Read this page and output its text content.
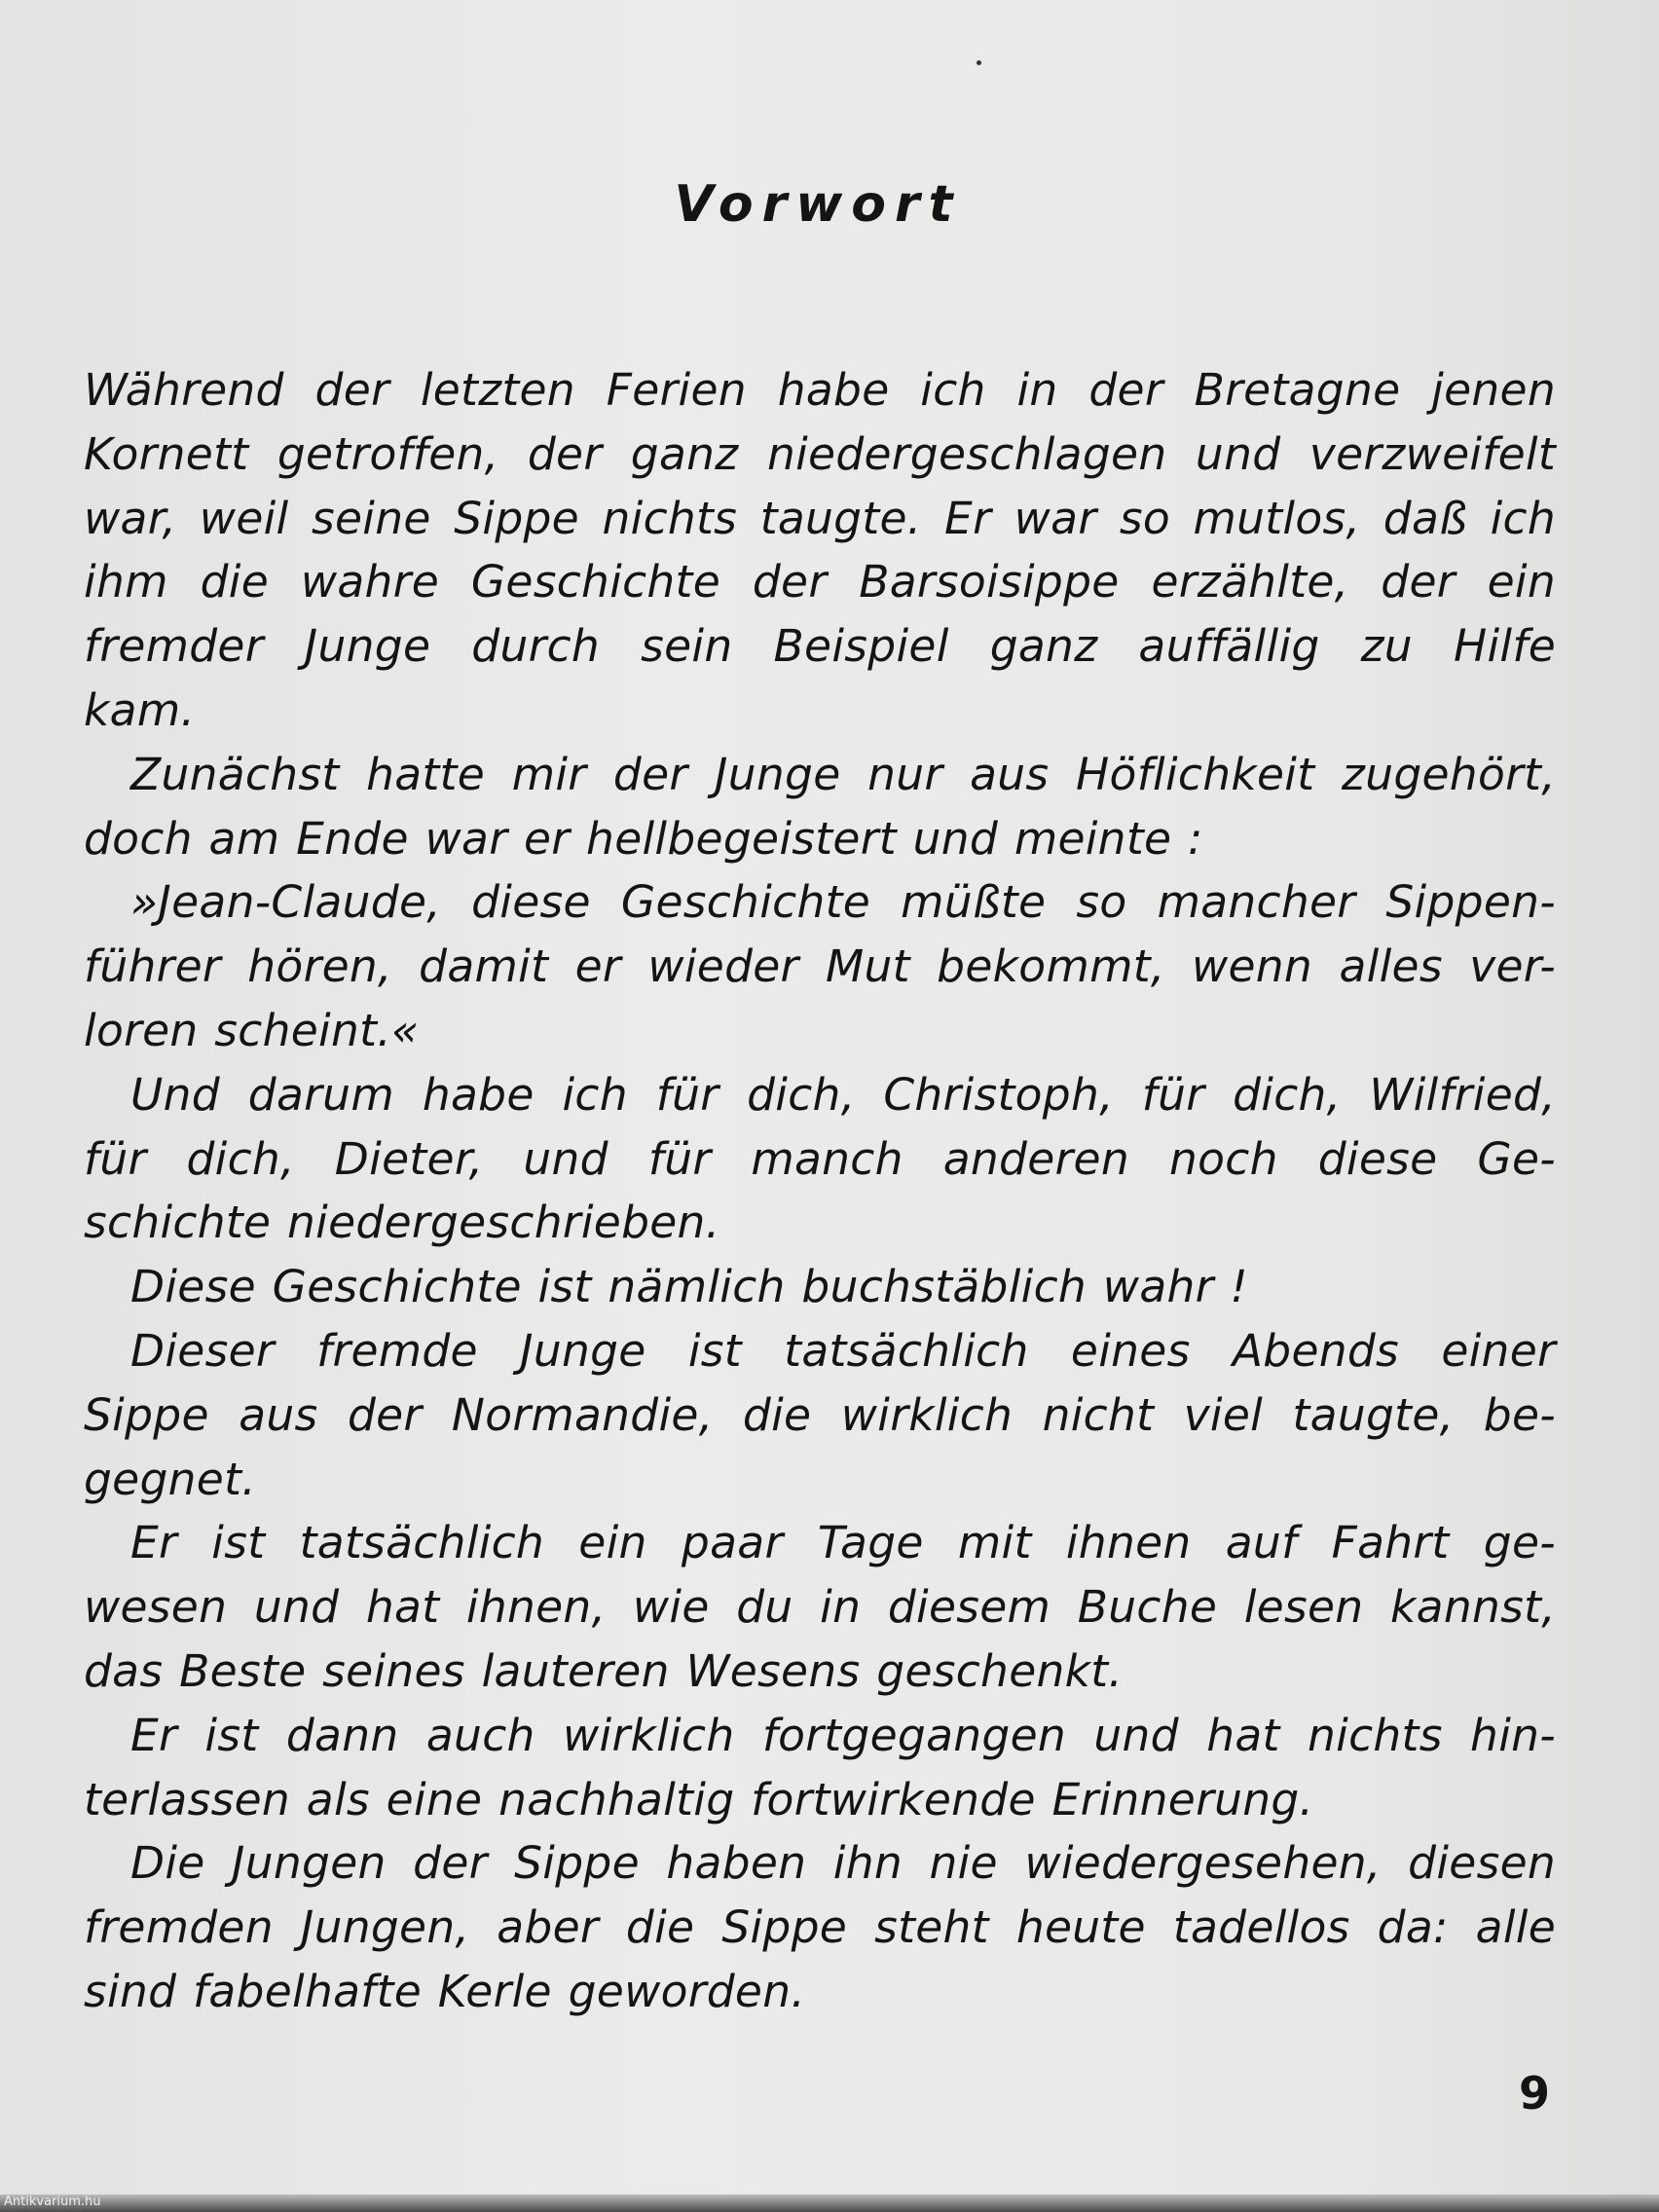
Vorwort
Während der letzten Ferien habe ich in der Bretagne jenen
Kornett getroffen, der ganz niedergeschlagen und verzweifelt
war, weil seine Sippe nichts taugte. Er war so mutlos, daß ich
ihm die wahre Geschichte der Barsoisippe erzählte, der ein
fremder Junge durch sein Beispiel ganz auffällig zu Hilfe
kam.
Zunächst hatte mir der Junge nur aus Höflichkeit zugehört,
doch am Ende war er hellbegeistert und meinte :
»Jean-Claude, diese Geschichte müßte so mancher Sippen-
führer hören, damit er wieder Mut bekommt, wenn alles ver-
loren scheint.«
Und darum habe ich für dich, Christoph, für dich, Wilfried,
für dich, Dieter, und für manch anderen noch diese Ge-
schichte niedergeschrieben.
Diese Geschichte ist nämlich buchstäblich wahr !
Dieser fremde Junge ist tatsächlich eines Abends einer
Sippe aus der Normandie, die wirklich nicht viel taugte, be-
gegnet.
Er ist tatsächlich ein paar Tage mit ihnen auf Fahrt ge-
wesen und hat ihnen, wie du in diesem Buche lesen kannst,
das Beste seines lauteren Wesens geschenkt.
Er ist dann auch wirklich fortgegangen und hat nichts hin-
terlassen als eine nachhaltig fortwirkende Erinnerung.
Die Jungen der Sippe haben ihn nie wiedergesehen, diesen
fremden Jungen, aber die Sippe steht heute tadellos da: alle
sind fabelhafte Kerle geworden.
9
Antikvarium.hu
